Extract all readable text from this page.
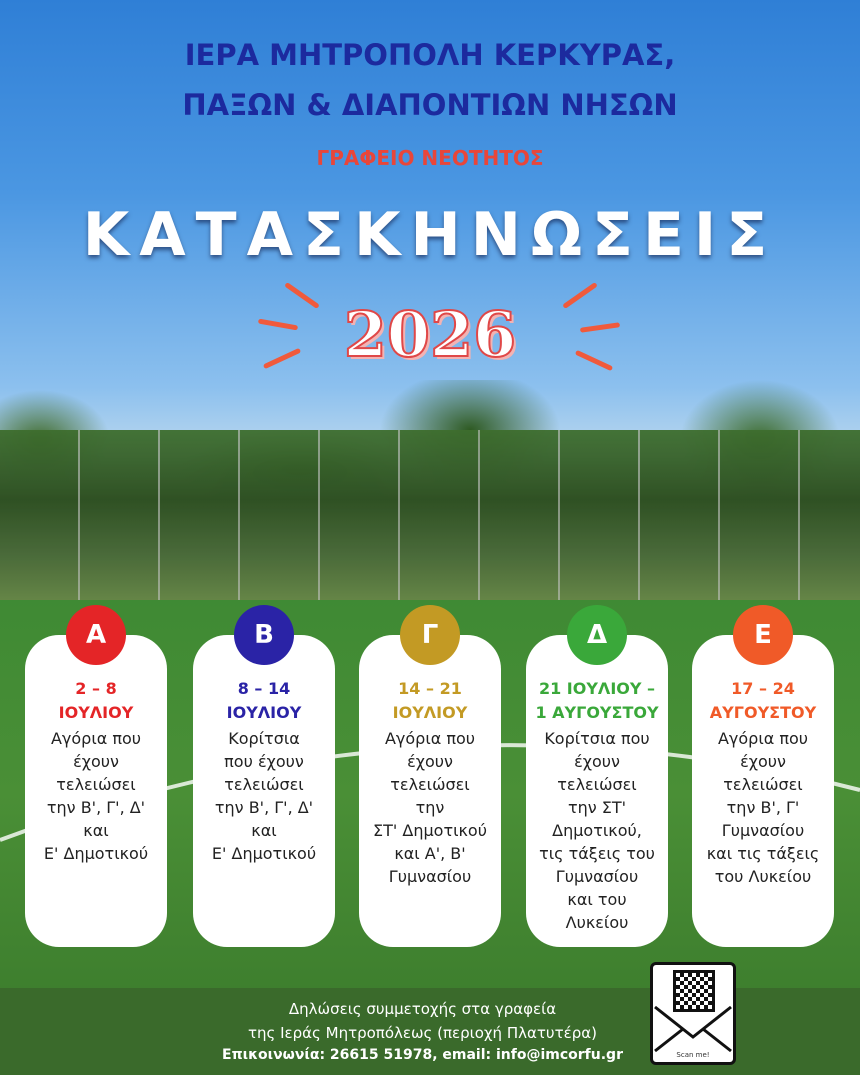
ΙΕΡΑ ΜΗΤΡΟΠΟΛΗ ΚΕΡΚΥΡΑΣ,
ΠΑΞΩΝ & ΔΙΑΠΟΝΤΙΩΝ ΝΗΣΩΝ
ΓΡΑΦΕΙΟ ΝΕΟΤΗΤΟΣ
ΚΑΤΑΣΚΗΝΩΣΕΙΣ
2026
Α
2 – 8
ΙΟΥΛΙΟΥ
Αγόρια που
έχουν
τελειώσει
την Β', Γ', Δ'
και
Ε' Δημοτικού
Β
8 – 14
ΙΟΥΛΙΟΥ
Κορίτσια
που έχουν
τελειώσει
την Β', Γ', Δ'
και
Ε' Δημοτικού
Γ
14 – 21
ΙΟΥΛΙΟΥ
Αγόρια που
έχουν
τελειώσει
την
ΣΤ' Δημοτικού
και Α', Β'
Γυμνασίου
Δ
21 ΙΟΥΛΙΟΥ –
1 ΑΥΓΟΥΣΤΟΥ
Κορίτσια που
έχουν
τελειώσει
την ΣΤ'
Δημοτικού,
τις τάξεις του
Γυμνασίου
και του
Λυκείου
Ε
17 – 24
ΑΥΓΟΥΣΤΟΥ
Αγόρια που
έχουν
τελειώσει
την Β', Γ'
Γυμνασίου
και τις τάξεις
του Λυκείου
Δηλώσεις συμμετοχής στα γραφεία
της Ιεράς Μητροπόλεως (περιοχή Πλατυτέρα)
Επικοινωνία: 26615 51978, email: info@imcorfu.gr	Scan me!
